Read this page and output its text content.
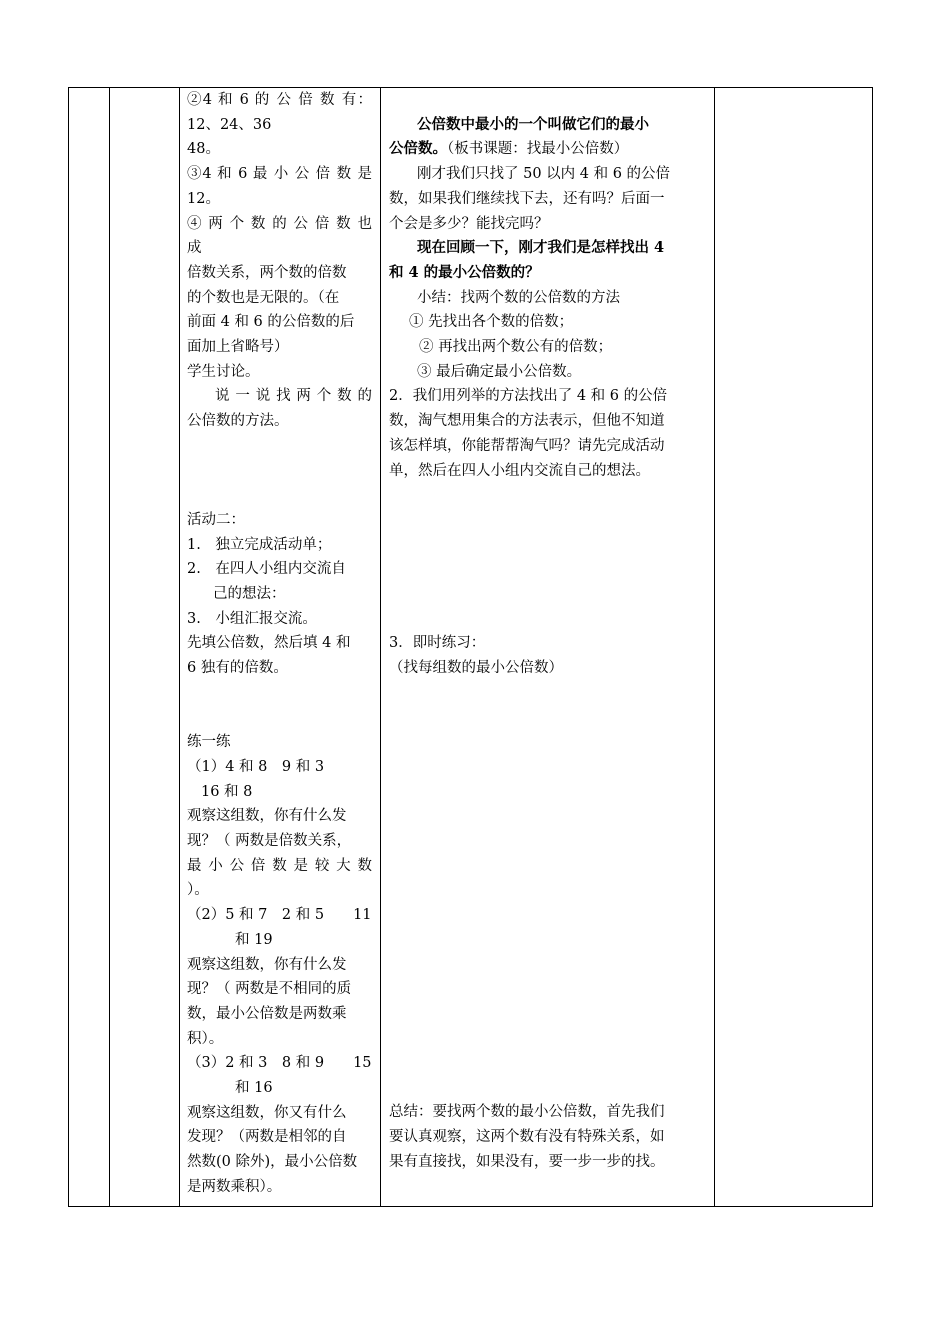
②4 和 6 的 公 倍 数 有：
12、24、36
48。
③4 和 6 最 小 公 倍 数 是
12。
④ 两 个 数 的 公 倍 数 也 成
倍数关系，两个数的倍数
的个数也是无限的。（在
前面 4 和 6 的公倍数的后
面加上省略号）
学生讨论。
说 一 说 找 两 个 数 的
公倍数的方法。
活动二：
1.　独立完成活动单；
2.　在四人小组内交流自
己的想法：
3.　小组汇报交流。
先填公倍数，然后填 4 和
6 独有的倍数。
练一练
（1）4 和 8　9 和 3
16 和 8
观察这组数，你有什么发
现？（ 两数是倍数关系，
最 小 公 倍 数 是 较 大 数
）。
（2）5 和 7　2 和 5　　11
和 19
观察这组数，你有什么发
现？（ 两数是不相同的质
数，最小公倍数是两数乘
积）。
（3）2 和 3　8 和 9　　15
和 16
观察这组数，你又有什么
发现？（两数是相邻的自
然数(0 除外)，最小公倍数
是两数乘积）。
公倍数中最小的一个叫做它们的最小
公倍数。（板书课题：找最小公倍数）
刚才我们只找了 50 以内 4 和 6 的公倍
数，如果我们继续找下去，还有吗？后面一
个会是多少？能找完吗？
现在回顾一下，刚才我们是怎样找出 4
和 4 的最小公倍数的？
小结：找两个数的公倍数的方法
① 先找出各个数的倍数；
② 再找出两个数公有的倍数；
③ 最后确定最小公倍数。
2．我们用列举的方法找出了 4 和 6 的公倍
数，淘气想用集合的方法表示，但他不知道
该怎样填，你能帮帮淘气吗？请先完成活动
单，然后在四人小组内交流自己的想法。
3．即时练习：
（找每组数的最小公倍数）
总结：要找两个数的最小公倍数，首先我们
要认真观察，这两个数有没有特殊关系，如
果有直接找，如果没有，要一步一步的找。
